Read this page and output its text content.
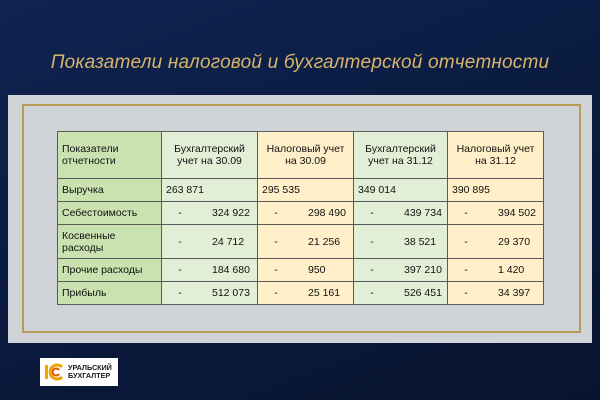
Показатели налоговой и бухгалтерской отчетности
Показатели отчетности	Бухгалтерский учет на 30.09	Налоговый учет на 30.09	Бухгалтерский учет на 31.12	Налоговый учет на 31.12
Выручка	263 871	295 535	349 014	390 895
Себестоимость	- 324 922	- 298 490	- 439 734	- 394 502

Косвенные расходы	- 24 712	- 21 256	- 38 521	- 29 370

Прочие расходы	- 184 680	- 950	- 397 210	- 1 420

Прибыль	- 512 073	- 25 161	- 526 451	- 34 397
УРАЛЬСКИЙ
БУХГАЛТЕР
